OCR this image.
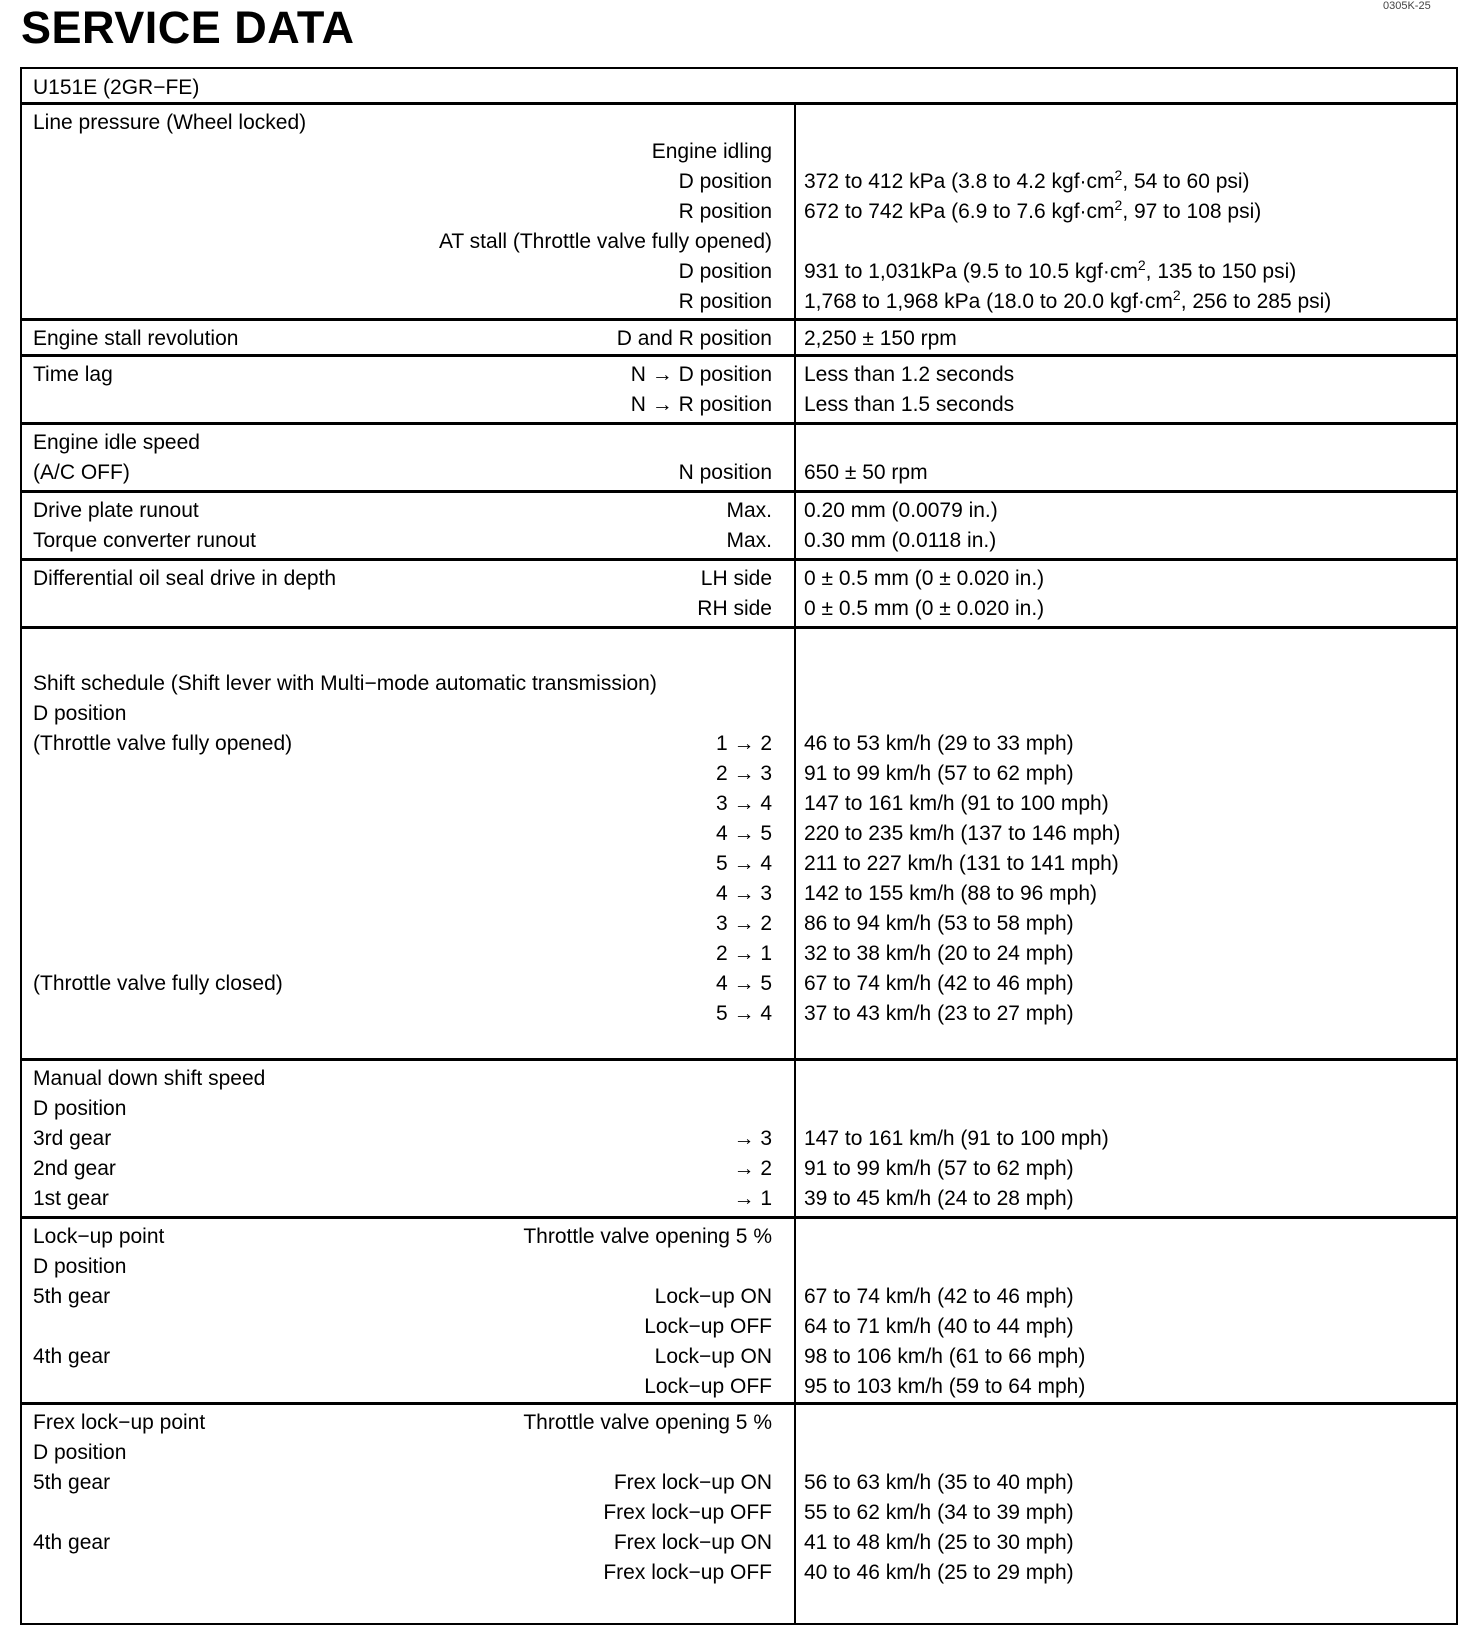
SERVICE DATA	0305K-25
U151E (2GR−FE)
Line pressure (Wheel locked)
Engine idling
D position 372 to 412 kPa (3.8 to 4.2 $kgf\cdot cm^2$, 54 to 60 psi)
R position 672 to 742 kPa (6.9 to 7.6 $kgf\cdot cm^2$, 97 to 108 psi)
AT stall (Throttle valve fully opened)
D position 931 to 1,031kPa (9.5 to 10.5 $kgf\cdot cm^2$, 135 to 150 psi)
R position 1,768 to 1,968 kPa (18.0 to 20.0 $kgf\cdot cm^2$, 256 to 285 psi)
Engine stall revolution	D and R position 2,250 ± 150 rpm
Time lag	N → D position Less than 1.2 seconds
N → R position Less than 1.5 seconds
Engine idle speed
(A/C OFF)	N position 650 ± 50 rpm
Drive plate runout	Max. 0.20 mm (0.0079 in.)
Torque converter runout	Max. 0.30 mm (0.0118 in.)
Differential oil seal drive in depth	LH side 0 ± 0.5 mm (0 ± 0.020 in.)
RH side 0 ± 0.5 mm (0 ± 0.020 in.)
Shift schedule (Shift lever with Multi−mode automatic transmission)
D position
(Throttle valve fully opened)	1 → 2 46 to 53 km/h (29 to 33 mph)
2 → 3 91 to 99 km/h (57 to 62 mph)
3 → 4 147 to 161 km/h (91 to 100 mph)
4 → 5 220 to 235 km/h (137 to 146 mph)
5 → 4 211 to 227 km/h (131 to 141 mph)
4 → 3 142 to 155 km/h (88 to 96 mph)
3 → 2 86 to 94 km/h (53 to 58 mph)
2 → 1 32 to 38 km/h (20 to 24 mph)
(Throttle valve fully closed)	4 → 5 67 to 74 km/h (42 to 46 mph)
5 → 4 37 to 43 km/h (23 to 27 mph)
Manual down shift speed
D position
3rd gear	→ 3 147 to 161 km/h (91 to 100 mph)
2nd gear	→ 2 91 to 99 km/h (57 to 62 mph)
1st gear	→ 1 39 to 45 km/h (24 to 28 mph)
Lock−up point	Throttle valve opening 5 %
D position
5th gear	Lock−up ON 67 to 74 km/h (42 to 46 mph)
Lock−up OFF 64 to 71 km/h (40 to 44 mph)
4th gear	Lock−up ON 98 to 106 km/h (61 to 66 mph)
Lock−up OFF 95 to 103 km/h (59 to 64 mph)
Frex lock−up point	Throttle valve opening 5 %
D position
5th gear	Frex lock−up ON 56 to 63 km/h (35 to 40 mph)
Frex lock−up OFF 55 to 62 km/h (34 to 39 mph)
4th gear	Frex lock−up ON 41 to 48 km/h (25 to 30 mph)
Frex lock−up OFF 40 to 46 km/h (25 to 29 mph)
